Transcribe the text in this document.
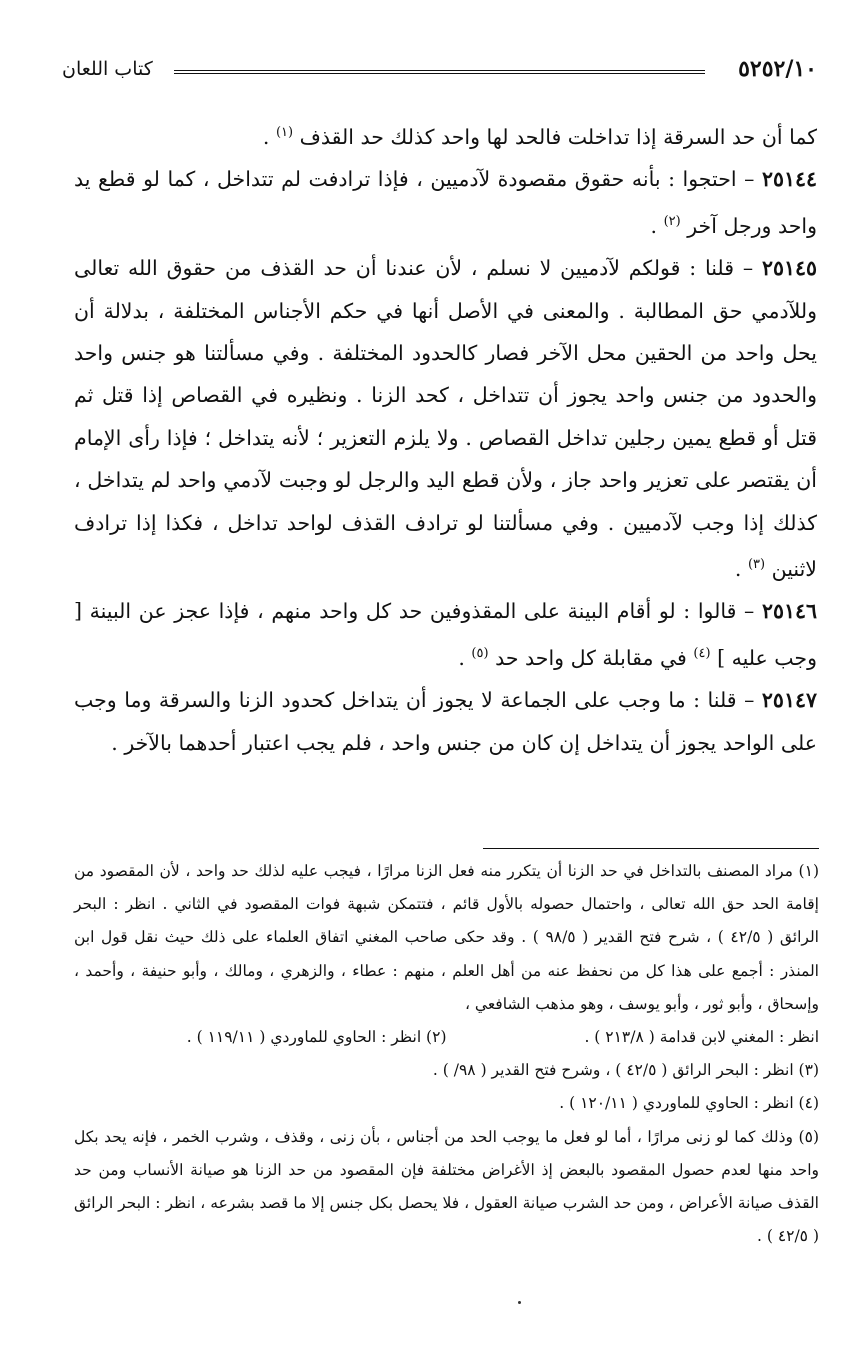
٥٢٥٢/١٠
كتاب اللعان

كما أن حد السرقة إذا تداخلت فالحد لها واحد كذلك حد القذف $^{(١)}$ .

٢٥١٤٤ – احتجوا : بأنه حقوق مقصودة لآدميين ، فإذا ترادفت لم تتداخل ، كما لو قطع يد واحد ورجل آخر $^{(٢)}$ .

٢٥١٤٥ – قلنا : قولكم لآدميين لا نسلم ، لأن عندنا أن حد القذف من حقوق الله تعالى وللآدمي حق المطالبة . والمعنى في الأصل أنها في حكم الأجناس المختلفة ، بدلالة أن يحل واحد من الحقين محل الآخر فصار كالحدود المختلفة . وفي مسألتنا هو جنس واحد والحدود من جنس واحد يجوز أن تتداخل ، كحد الزنا . ونظيره في القصاص إذا قتل ثم قتل أو قطع يمين رجلين تداخل القصاص . ولا يلزم التعزير ؛ لأنه يتداخل ؛ فإذا رأى الإمام أن يقتصر على تعزير واحد جاز ، ولأن قطع اليد والرجل لو وجبت لآدمي واحد لم يتداخل ، كذلك إذا وجب لآدميين . وفي مسألتنا لو ترادف القذف لواحد تداخل ، فكذا إذا ترادف لاثنين $^{(٣)}$ .

٢٥١٤٦ – قالوا : لو أقام البينة على المقذوفين حد كل واحد منهم ، فإذا عجز عن البينة [ وجب عليه ] $^{(٤)}$ في مقابلة كل واحد حد $^{(٥)}$ .

٢٥١٤٧ – قلنا : ما وجب على الجماعة لا يجوز أن يتداخل كحدود الزنا والسرقة وما وجب على الواحد يجوز أن يتداخل إن كان من جنس واحد ، فلم يجب اعتبار أحدهما بالآخر .

(١) مراد المصنف بالتداخل في حد الزنا أن يتكرر منه فعل الزنا مرارًا ، فيجب عليه لذلك حد واحد ، لأن المقصود من إقامة الحد حق الله تعالى ، واحتمال حصوله بالأول قائم ، فتتمكن شبهة فوات المقصود في الثاني . انظر : البحر الرائق ( ٤٢/٥ ) ، شرح فتح القدير ( ٩٨/٥ ) . وقد حكى صاحب المغني اتفاق العلماء على ذلك حيث نقل قول ابن المنذر : أجمع على هذا كل من نحفظ عنه من أهل العلم ، منهم : عطاء ، والزهري ، ومالك ، وأبو حنيفة ، وأحمد ، وإسحاق ، وأبو ثور ، وأبو يوسف ، وهو مذهب الشافعي ،

انظر : المغني لابن قدامة ( ٢١٣/٨ ) .
(٢) انظر : الحاوي للماوردي ( ١١٩/١١ ) .

(٣) انظر : البحر الرائق ( ٤٢/٥ ) ، وشرح فتح القدير ( ٩٨/ ) .

(٤) انظر : الحاوي للماوردي ( ١٢٠/١١ ) .

(٥) وذلك كما لو زنى مرارًا ، أما لو فعل ما يوجب الحد من أجناس ، بأن زنى ، وقذف ، وشرب الخمر ، فإنه يحد بكل واحد منها لعدم حصول المقصود بالبعض إذ الأغراض مختلفة فإن المقصود من حد الزنا هو صيانة الأنساب ومن حد القذف صيانة الأعراض ، ومن حد الشرب صيانة العقول ، فلا يحصل بكل جنس إلا ما قصد بشرعه ، انظر : البحر الرائق ( ٤٢/٥ ) .
